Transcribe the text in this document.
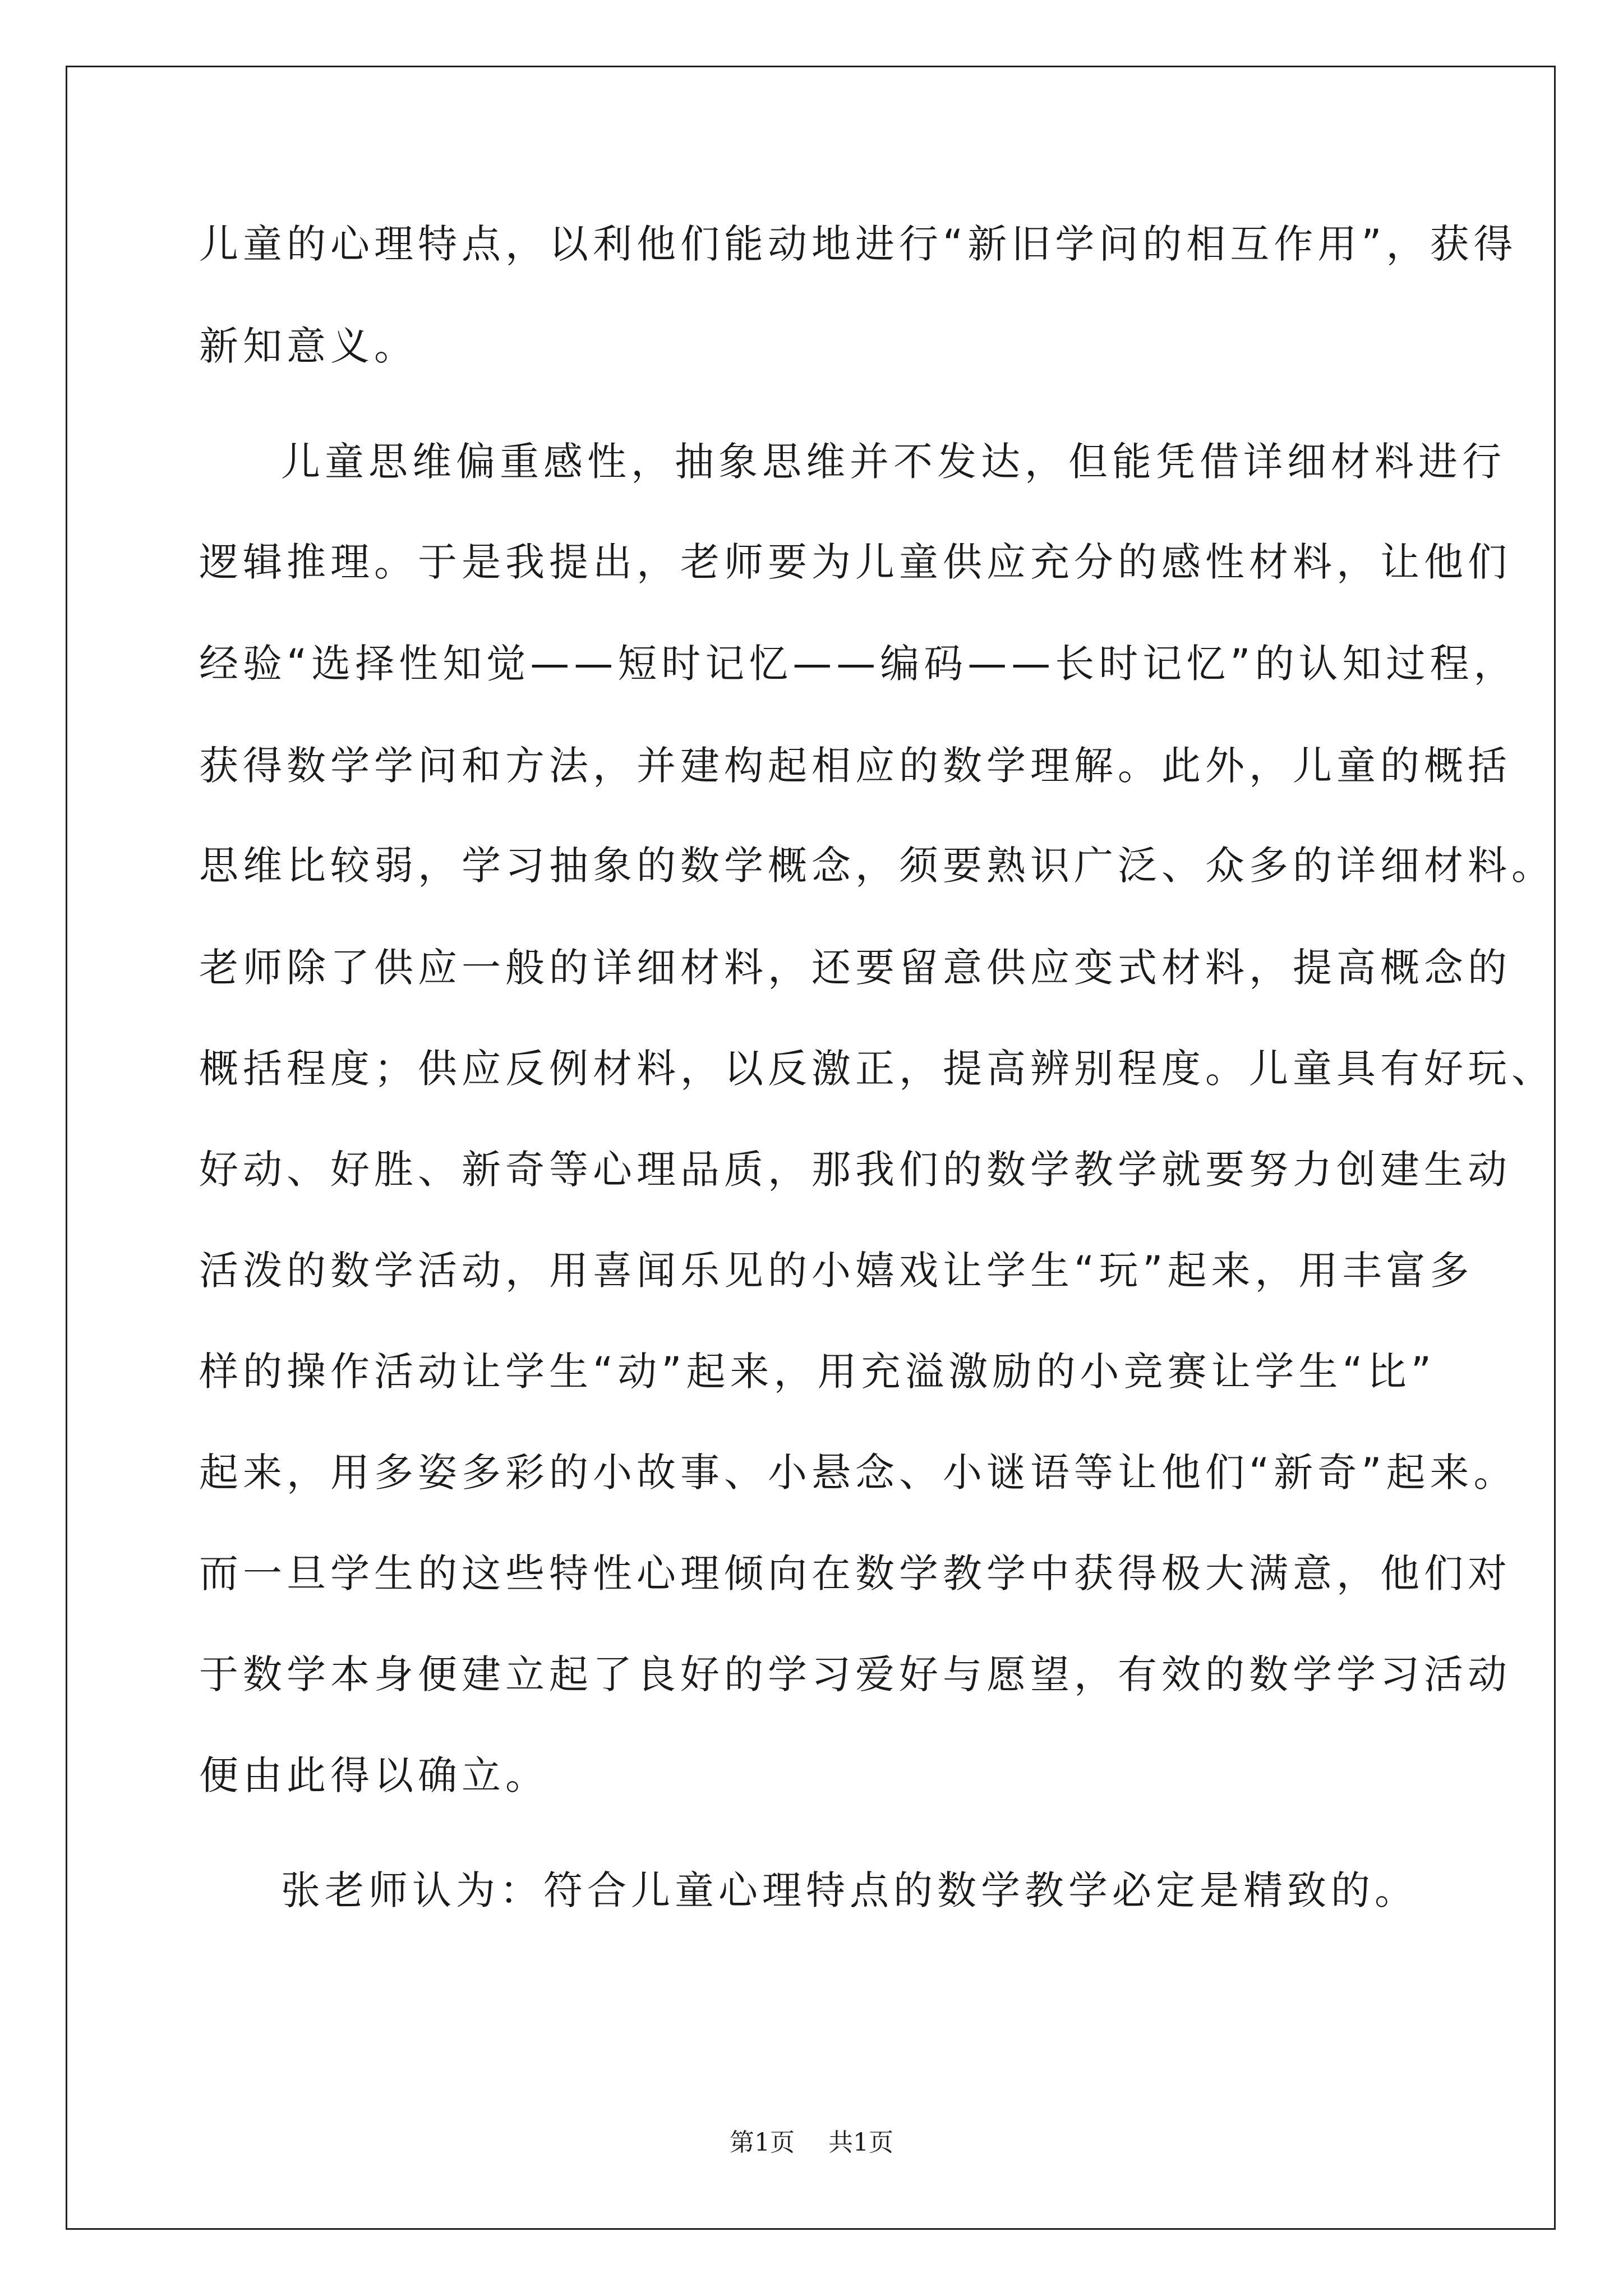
儿童的心理特点，以利他们能动地进行“新旧学问的相互作用”，获得
新知意义。
儿童思维偏重感性，抽象思维并不发达，但能凭借详细材料进行
逻辑推理。于是我提出，老师要为儿童供应充分的感性材料，让他们
经验“选择性知觉——短时记忆——编码——长时记忆”的认知过程，
获得数学学问和方法，并建构起相应的数学理解。此外，儿童的概括
思维比较弱，学习抽象的数学概念，须要熟识广泛、众多的详细材料。
老师除了供应一般的详细材料，还要留意供应变式材料，提高概念的
概括程度；供应反例材料，以反激正，提高辨别程度。儿童具有好玩、
好动、好胜、新奇等心理品质，那我们的数学教学就要努力创建生动
活泼的数学活动，用喜闻乐见的小嬉戏让学生“玩”起来，用丰富多
样的操作活动让学生“动”起来，用充溢激励的小竞赛让学生“比”
起来，用多姿多彩的小故事、小悬念、小谜语等让他们“新奇”起来。
而一旦学生的这些特性心理倾向在数学教学中获得极大满意，他们对
于数学本身便建立起了良好的学习爱好与愿望，有效的数学学习活动
便由此得以确立。
张老师认为：符合儿童心理特点的数学教学必定是精致的。
第1页 共1页
